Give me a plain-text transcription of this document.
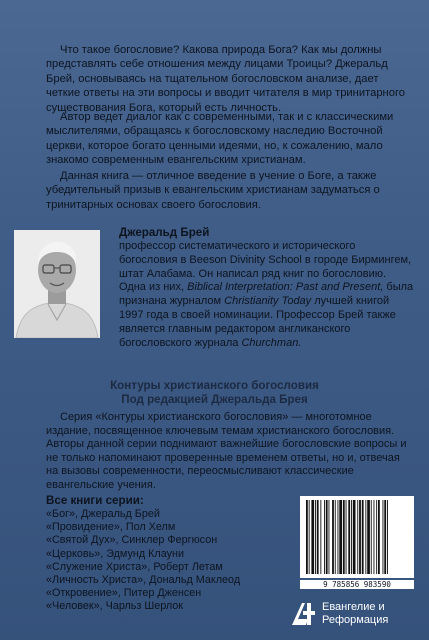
Что такое богословие? Какова природа Бога? Как мы должны представлять себе отношения между лицами Троицы? Джеральд Брей, основываясь на тщательном богословском анализе, дает четкие ответы на эти вопросы и вводит читателя в мир тринитарного существования Бога, который есть личность.

Автор ведет диалог как с современными, так и с классическими мыслителями, обращаясь к богословскому наследию Восточной церкви, которое богато ценными идеями, но, к сожалению, мало знакомо современным евангельским христианам.

Данная книга — отличное введение в учение о Боге, а также убедительный призыв к евангельским христианам задуматься о тринитарных основах своего богословия.

Джеральд Брей

профессор систематического и исторического богословия в Beeson Divinity School в городе Бирмингем, штат Алабама. Он написал ряд книг по богословию. Одна из них, Biblical Interpretation: Past and Present, была признана журналом Christianity Today лучшей книгой 1997 года в своей номинации. Профессор Брей также является главным редактором англиканского богословского журнала Churchman.

Контуры христианского богословия

Под редакцией Джеральда Брея

Серия «Контуры христианского богословия» — многотомное издание, посвященное ключевым темам христианского богословия. Авторы данной серии поднимают важнейшие богословские вопросы и не только напоминают проверенные временем ответы, но и, отвечая на вызовы современности, переосмысливают классические евангельские учения.

Все книги серии:
«Бог», Джеральд Брей
«Провидение», Пол Хелм
«Святой Дух», Синклер Фергюсон
«Церковь», Эдмунд Клауни
«Служение Христа», Роберт Летам
«Личность Христа», Дональд Маклеод
«Откровение», Питер Дженсен
«Человек», Чарльз Шерлок
9 785856 983590

Евангелие и
Реформация
